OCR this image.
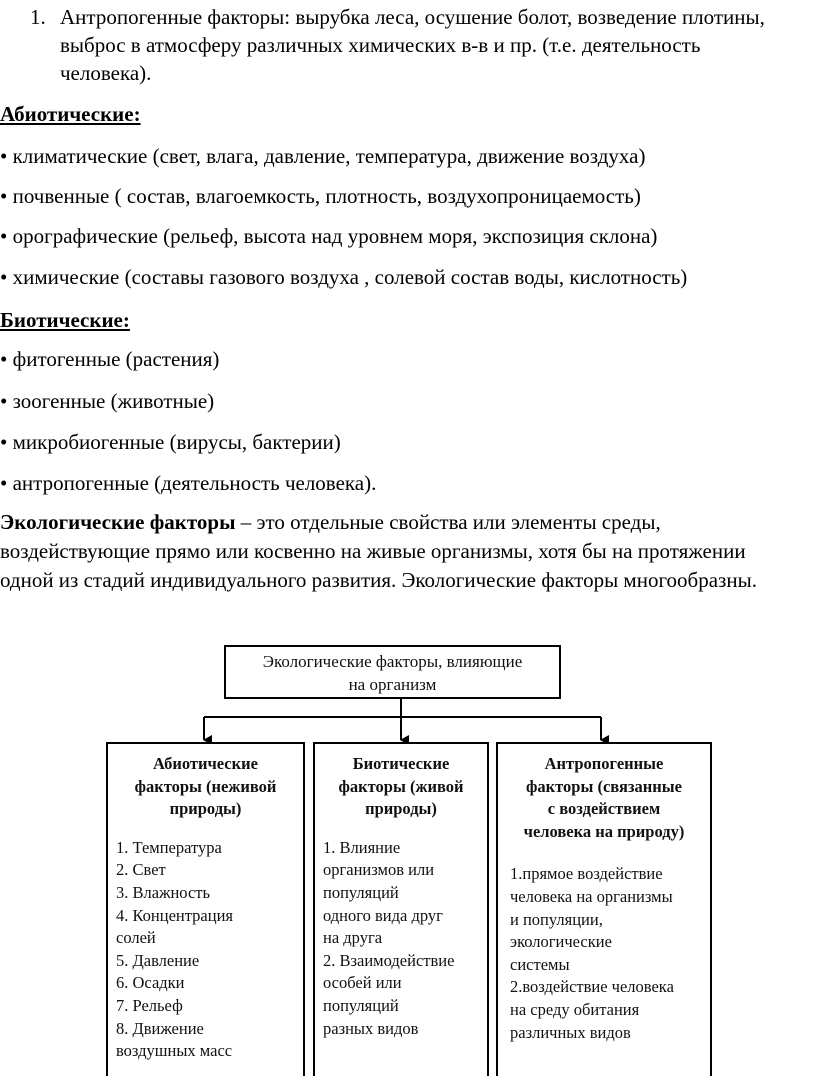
1. Антропогенные факторы: вырубка леса, осушение болот, возведение плотины, выброс в атмосферу различных химических в-в и пр. (т.е. деятельность человека).
Абиотические:
• климатические (свет, влага, давление, температура, движение воздуха)
• почвенные ( состав, влагоемкость, плотность, воздухопроницаемость)
• орографические (рельеф, высота над уровнем моря, экспозиция склона)
• химические (составы газового воздуха , солевой состав воды, кислотность)
Биотические:
• фитогенные (растения)
• зоогенные (животные)
• микробиогенные (вирусы, бактерии)
• антропогенные (деятельность человека).
Экологические факторы – это отдельные свойства или элементы среды, воздействующие прямо или косвенно на живые организмы, хотя бы на протяжении одной из стадий индивидуального развития. Экологические факторы многообразны.
Экологические факторы, влияющие
на организм
Абиотические
факторы (неживой
природы)
1. Температура
2. Свет
3. Влажность
4. Концентрация
солей
5. Давление
6. Осадки
7. Рельеф
8. Движение
воздушных масс
Биотические
факторы (живой
природы)
1. Влияние
организмов или
популяций
одного вида друг
на друга
2. Взаимодействие
особей или
популяций
разных видов
Антропогенные
факторы (связанные
с воздействием
человека на природу)
1.прямое воздействие
человека на организмы
и популяции,
экологические
системы
2.воздействие человека
на среду обитания
различных видов
